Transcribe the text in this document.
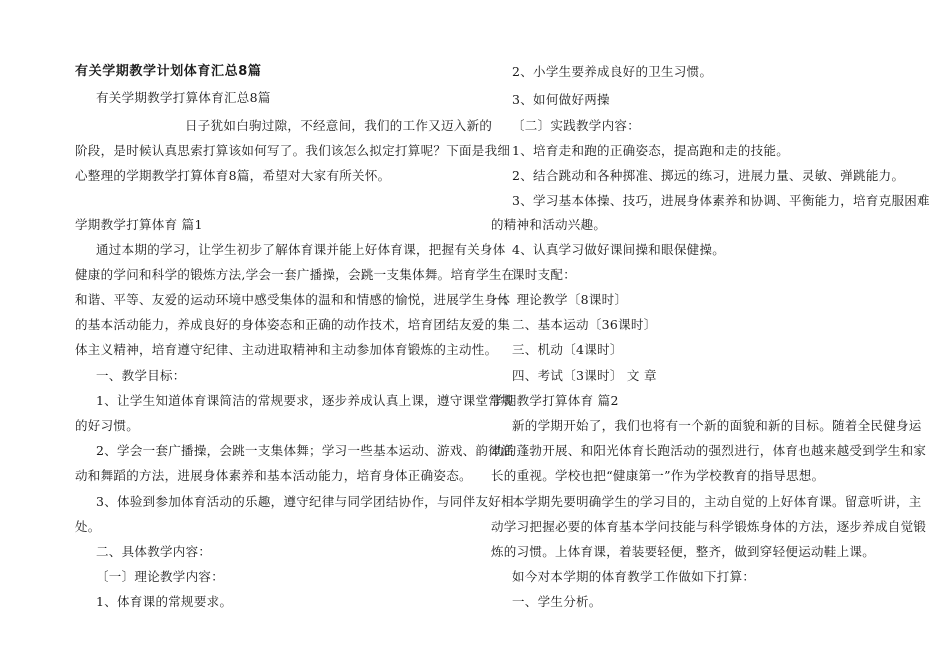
有关学期教学计划体育汇总8篇
有关学期教学打算体育汇总8篇
日子犹如白驹过隙，不经意间，我们的工作又迈入新的
阶段，是时候认真思索打算该如何写了。我们该怎么拟定打算呢？下面是我细
心整理的学期教学打算体育8篇，希望对大家有所关怀。
学期教学打算体育 篇1
通过本期的学习，让学生初步了解体育课并能上好体育课，把握有关身体
健康的学问和科学的锻炼方法,学会一套广播操，会跳一支集体舞。培育学生在
和谐、平等、友爱的运动环境中感受集体的温和和情感的愉悦，进展学生身体
的基本活动能力，养成良好的身体姿态和正确的动作技术，培育团结友爱的集
体主义精神，培育遵守纪律、主动进取精神和主动参加体育锻炼的主动性。
一、教学目标：
1、让学生知道体育课简洁的常规要求，逐步养成认真上课，遵守课堂常规
的好习惯。
2、学会一套广播操，会跳一支集体舞；学习一些基本运动、游戏、韵律活
动和舞蹈的方法，进展身体素养和基本活动能力，培育身体正确姿态。
3、体验到参加体育活动的乐趣，遵守纪律与同学团结协作，与同伴友好相
处。
二、具体教学内容：
〔一〕理论教学内容：
1、体育课的常规要求。
2、小学生要养成良好的卫生习惯。
3、如何做好两操
〔二〕实践教学内容：
1、培育走和跑的正确姿态，提高跑和走的技能。
2、结合跳动和各种掷准、掷远的练习，进展力量、灵敏、弹跳能力。
3、学习基本体操、技巧，进展身体素养和协调、平衡能力，培育克服困难
的精神和活动兴趣。
4、认真学习做好课间操和眼保健操。
课时支配：
一、理论教学〔8课时〕
二、基本运动〔36课时〕
三、机动〔4课时〕
四、考试〔3课时〕 文 章
学期教学打算体育 篇2
新的学期开始了，我们也将有一个新的面貌和新的目标。随着全民健身运
动的蓬勃开展、和阳光体育长跑活动的强烈进行，体育也越来越受到学生和家
长的重视。学校也把“健康第一”作为学校教育的指导思想。
本学期先要明确学生的学习目的，主动自觉的上好体育课。留意听讲，主
动学习把握必要的体育基本学问技能与科学锻炼身体的方法，逐步养成自觉锻
炼的习惯。上体育课，着装要轻便，整齐，做到穿轻便运动鞋上课。
如今对本学期的体育教学工作做如下打算：
一、学生分析。
